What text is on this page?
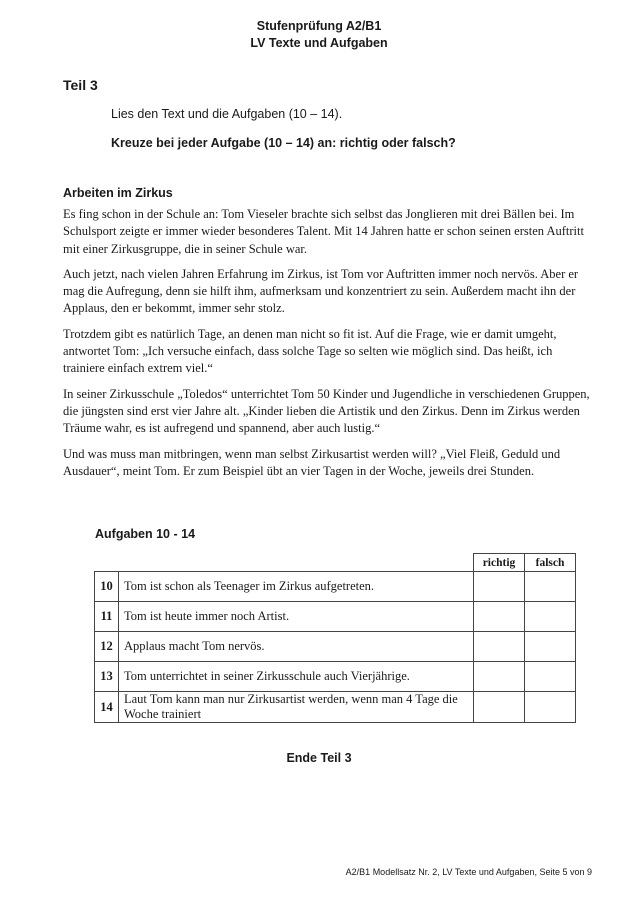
Stufenprüfung A2/B1
LV Texte und Aufgaben
Teil 3
Lies den Text und die Aufgaben (10 – 14).
Kreuze bei jeder Aufgabe (10 – 14) an: richtig oder falsch?
Arbeiten im Zirkus

Es fing schon in der Schule an: Tom Vieseler brachte sich selbst das Jonglieren mit drei Bällen bei. Im Schulsport zeigte er immer wieder besonderes Talent. Mit 14 Jahren hatte er schon seinen ersten Auftritt mit einer Zirkusgruppe, die in seiner Schule war.

Auch jetzt, nach vielen Jahren Erfahrung im Zirkus, ist Tom vor Auftritten immer noch nervös. Aber er mag die Aufregung, denn sie hilft ihm, aufmerksam und konzentriert zu sein. Außerdem macht ihn der Applaus, den er bekommt, immer sehr stolz.

Trotzdem gibt es natürlich Tage, an denen man nicht so fit ist. Auf die Frage, wie er damit umgeht, antwortet Tom: „Ich versuche einfach, dass solche Tage so selten wie möglich sind. Das heißt, ich trainiere einfach extrem viel.“

In seiner Zirkusschule „Toledos“ unterrichtet Tom 50 Kinder und Jugendliche in verschiedenen Gruppen, die jüngsten sind erst vier Jahre alt. „Kinder lieben die Artistik und den Zirkus. Denn im Zirkus werden Träume wahr, es ist aufregend und spannend, aber auch lustig.“

Und was muss man mitbringen, wenn man selbst Zirkusartist werden will? „Viel Fleiß, Geduld und Ausdauer“, meint Tom. Er zum Beispiel übt an vier Tagen in der Woche, jeweils drei Stunden.

Aufgaben 10 - 14
		richtig	falsch
10	Tom ist schon als Teenager im Zirkus aufgetreten.		
11	Tom ist heute immer noch Artist.		
12	Applaus macht Tom nervös.		
13	Tom unterrichtet in seiner Zirkusschule auch Vierjährige.		
14	Laut Tom kann man nur Zirkusartist werden, wenn man 4 Tage die Woche trainiert		
Ende Teil 3
A2/B1 Modellsatz Nr. 2, LV Texte und Aufgaben, Seite 5 von 9
